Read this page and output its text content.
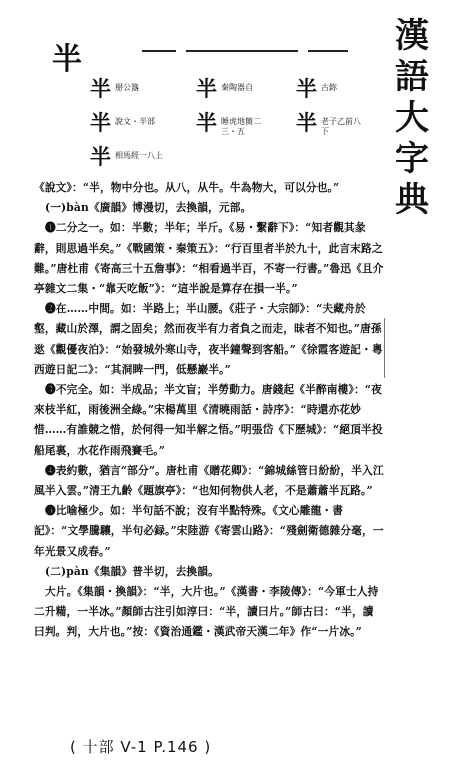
漢
語
大
字
典
半
半 掰公簋
半 說文・半部
半 相馬經一八上
半 睡虎地簡二三・五
半 秦陶器自	半 古鉨
半 老子乙前八下

《說文》：“半，物中分也。从八，从牛。牛為物大，可以分也。”

(一)bàn《廣韻》博漫切，去換韻，元部。

❶二分之一。如：半數；半年；半斤。《易・繫辭下》：“知者觀其彖辭，則思過半矣。”《戰國策・秦策五》：“行百里者半於九十，此言末路之難。”唐杜甫《寄高三十五詹事》：“相看過半百，不寄一行書。”魯迅《且介亭雜文二集・“靠天吃飯”》：“這半說是算存在損一半。”

❷在……中間。如：半路上；半山腰。《莊子・大宗師》：“夫藏舟於壑，藏山於澤，謂之固矣；然而夜半有力者負之而走，昧者不知也。”唐孫逖《觀優夜泊》：“始發城外寒山寺，夜半鐘聲到客船。”《徐霞客遊記・粵西遊日記二》：“其洞睥一門，低懸巖半。”

❸不完全。如：半成品；半文盲；半勞動力。唐錢起《半醉南樓》：“夜來枝半紅，雨後洲全綠。”宋楊萬里《清曉雨話・詩序》：“時還亦花妙惜……有誰競之惜，於何得一知半解之悟。”明張岱《下歷城》：“絕頂半投船尾裏，水花作雨飛賽毛。”

❹表約數，猶言“部分”。唐杜甫《贈花卿》：“錦城絲管日紛紛，半入江風半入雲。”清王九齡《題旗亭》：“也知何物供人老，不是蕭蕭半瓦路。”

❺比喻極少。如：半句話不說；沒有半點特殊。《文心雕龍・書記》：“文學騰驤，半句必録。”宋陸游《寄雲山路》：“殘劍衛德雜分毫，一年光景又成春。”

(二)pàn《集韻》普半切，去換韻。

大片。《集韻・換韻》：“半，大片也。”《漢書・李陵傳》：“今軍士人持二升糒，一半冰。”顏師古注引如淳曰：“半，讀曰片。”師古曰：“半，讀曰判。判，大片也。”按：《資治通鑑・漢武帝天漢二年》作“一片冰。”

( 十部 V-1 P.146 )
